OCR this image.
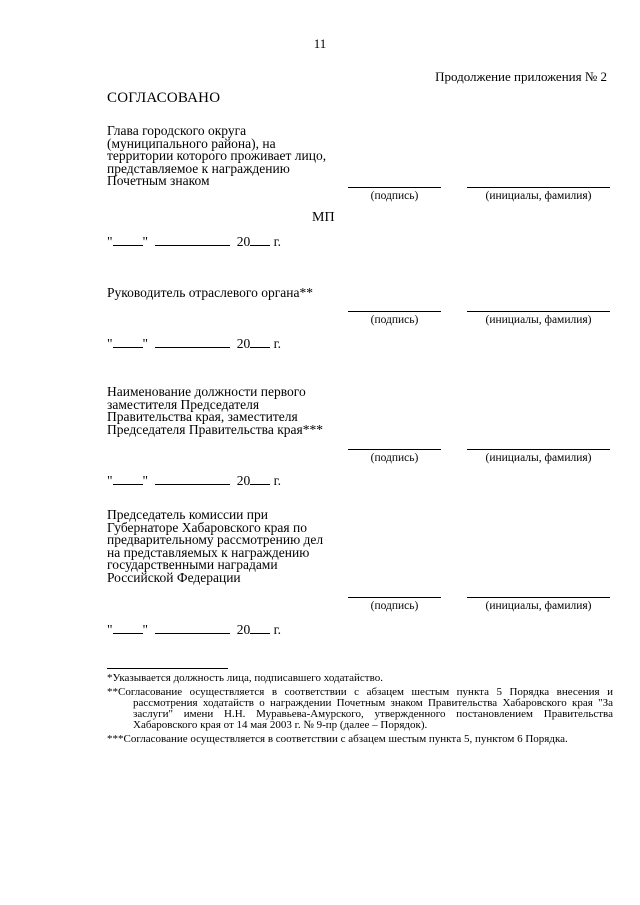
11
Продолжение приложения № 2
СОГЛАСОВАНО
Глава городского округа (муниципального района), на территории которого проживает лицо, представляемое к награждению Почетным знаком
(подпись)	(инициалы, фамилия)
МП
" "	20 г.
Руководитель отраслевого органа**
(подпись)	(инициалы, фамилия)
" "	20 г.
Наименование должности первого заместителя Председателя Правительства края, заместителя Председателя Правительства края***
(подпись)	(инициалы, фамилия)
" "	20 г.
Председатель комиссии при Губернаторе Хабаровского края по предварительному рассмотрению дел на представляемых к награждению государственными наградами Российской Федерации
(подпись)	(инициалы, фамилия)
" "	20 г.
*Указывается должность лица, подписавшего ходатайство.
**Согласование осуществляется в соответствии с абзацем шестым пункта 5 Порядка внесения и рассмотрения ходатайств о награждении Почетным знаком Правительства Хабаровского края "За заслуги" имени Н.Н. Муравьева-Амурского, утвержденного постановлением Правительства Хабаровского края от 14 мая 2003 г. № 9-пр (далее – Порядок).
***Согласование осуществляется в соответствии с абзацем шестым пункта 5, пунктом 6 Порядка.
